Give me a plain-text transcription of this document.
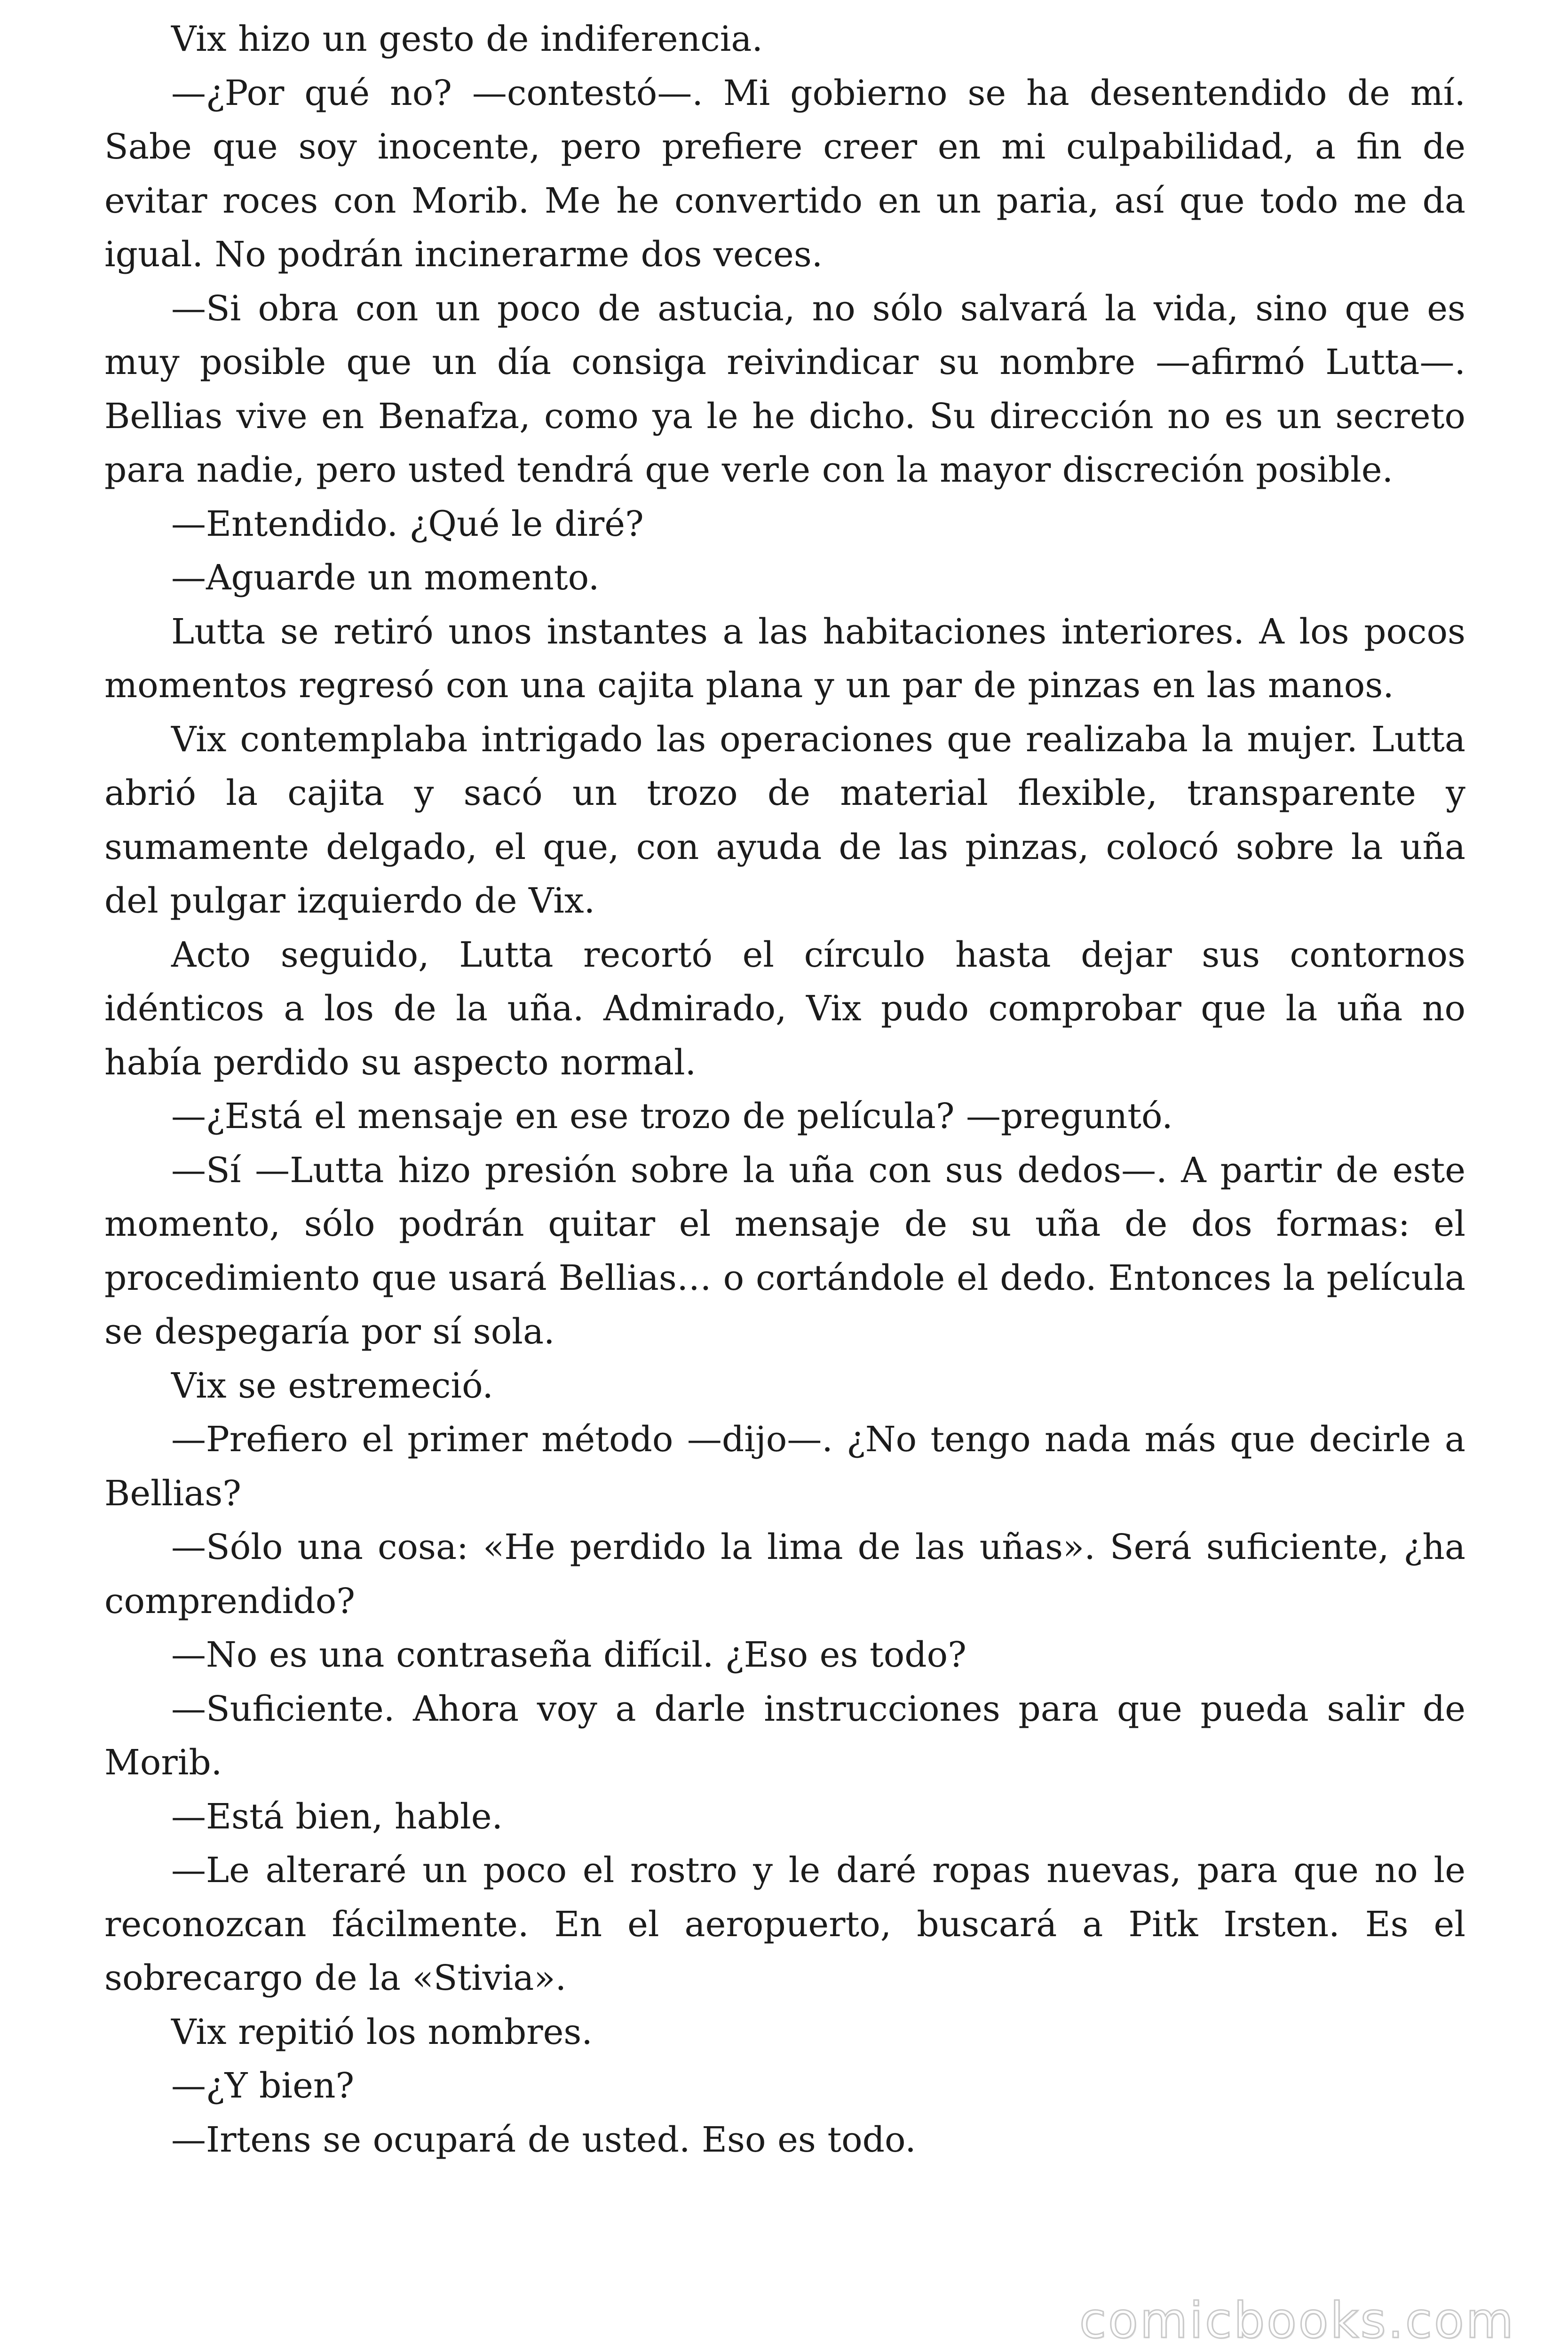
Vix hizo un gesto de indiferencia.

—¿Por qué no? —contestó—. Mi gobierno se ha desentendido de mí. Sabe que soy inocente, pero prefiere creer en mi culpabilidad, a fin de evitar roces con Morib. Me he convertido en un paria, así que todo me da igual. No podrán incinerarme dos veces.

—Si obra con un poco de astucia, no sólo salvará la vida, sino que es muy posible que un día consiga reivindicar su nombre —afirmó Lutta—. Bellias vive en Benafza, como ya le he dicho. Su dirección no es un secreto para nadie, pero usted tendrá que verle con la mayor discreción posible.

—Entendido. ¿Qué le diré?

—Aguarde un momento.

Lutta se retiró unos instantes a las habitaciones interiores. A los pocos momentos regresó con una cajita plana y un par de pinzas en las manos.

Vix contemplaba intrigado las operaciones que realizaba la mujer. Lutta abrió la cajita y sacó un trozo de material flexible, transparente y sumamente delgado, el que, con ayuda de las pinzas, colocó sobre la uña del pulgar izquierdo de Vix.

Acto seguido, Lutta recortó el círculo hasta dejar sus contornos idénticos a los de la uña. Admirado, Vix pudo comprobar que la uña no había perdido su aspecto normal.

—¿Está el mensaje en ese trozo de película? —preguntó.

—Sí —Lutta hizo presión sobre la uña con sus dedos—. A partir de este momento, sólo podrán quitar el mensaje de su uña de dos formas: el procedimiento que usará Bellias… o cortándole el dedo. Entonces la película se despegaría por sí sola.

Vix se estremeció.

—Prefiero el primer método —dijo—. ¿No tengo nada más que decirle a Bellias?

—Sólo una cosa: «He perdido la lima de las uñas». Será suficiente, ¿ha comprendido?

—No es una contraseña difícil. ¿Eso es todo?

—Suficiente. Ahora voy a darle instrucciones para que pueda salir de Morib.

—Está bien, hable.

—Le alteraré un poco el rostro y le daré ropas nuevas, para que no le reconozcan fácilmente. En el aeropuerto, buscará a Pitk Irsten. Es el sobrecargo de la «Stivia».

Vix repitió los nombres.

—¿Y bien?

—Irtens se ocupará de usted. Eso es todo.

comicbooks.com
